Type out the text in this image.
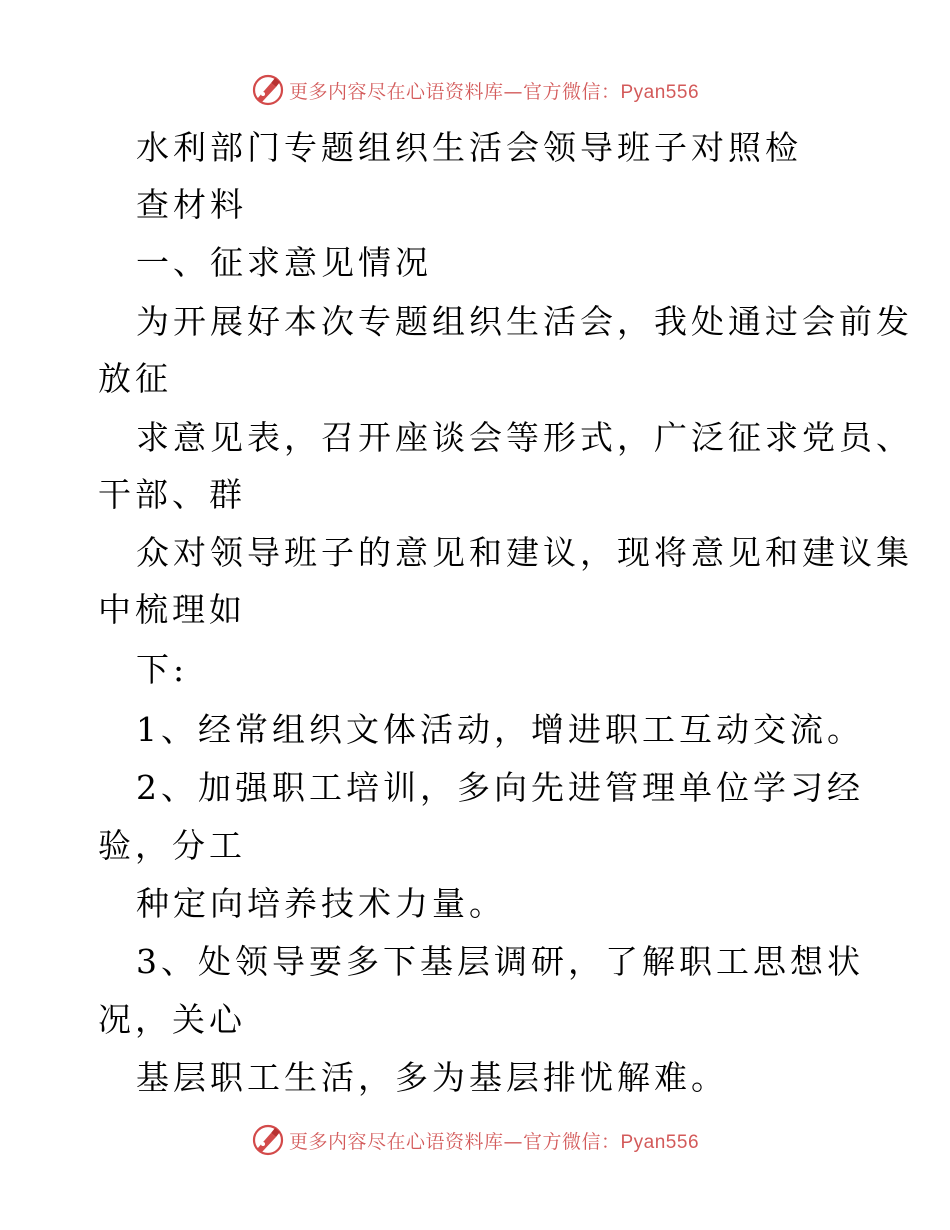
更多内容尽在心语资料库—官方微信：Pyan556

水利部门专题组织生活会领导班子对照检

查材料

一、征求意见情况

为开展好本次专题组织生活会，我处通过会前发

放征

求意见表，召开座谈会等形式，广泛征求党员、

干部、群

众对领导班子的意见和建议，现将意见和建议集

中梳理如

下:

1、经常组织文体活动，增进职工互动交流。

2、加强职工培训，多向先进管理单位学习经

验，分工

种定向培养技术力量。

3、处领导要多下基层调研，了解职工思想状

况，关心

基层职工生活，多为基层排忧解难。

更多内容尽在心语资料库—官方微信：Pyan556
